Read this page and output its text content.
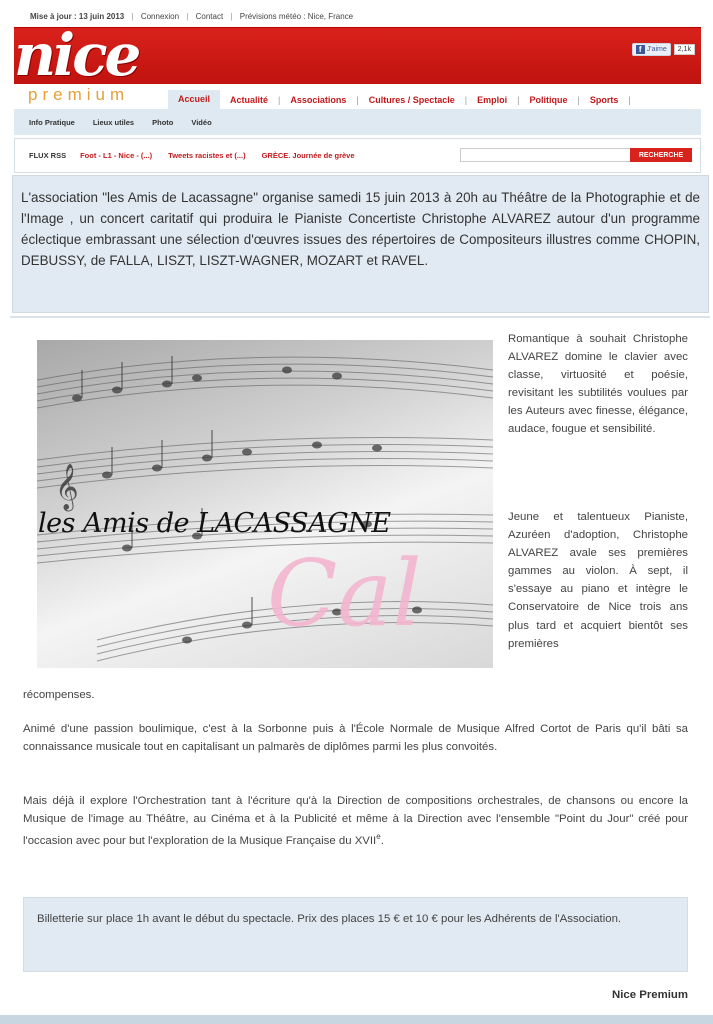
Mise à jour : 13 juin 2013 | Connexion | Contact | Prévisions météo : Nice, France
nice	f J'aime	2,1k
premium	Accueil	Actualité	|	Associations	|	Cultures / Spectacle	|	Emploi	|	Politique	|	Sports	|
Info Pratique Lieux utiles Photo Vidéo
FLUX RSS Foot - L1 - Nice - (...) Tweets racistes et (...) GRÈCE. Journée de grève	RECHERCHE
L'association "les Amis de Lacassagne" organise samedi 15 juin 2013 à 20h au Théâtre de la Photographie et de l'Image , un concert caritatif qui produira le Pianiste Concertiste Christophe ALVAREZ autour d'un programme éclectique embrassant une sélection d'œuvres issues des répertoires de Compositeurs illustres comme CHOPIN, DEBUSSY, de FALLA, LISZT, LISZT-WAGNER, MOZART et RAVEL.
𝄞
les Amis de LACASSAGNE
Cal

Romantique à souhait Christophe ALVAREZ domine le clavier avec classe, virtuosité et poésie, revisitant les subtilités voulues par les Auteurs avec finesse, élégance, audace, fougue et sensibilité.

Jeune et talentueux Pianiste, Azuréen d'adoption, Christophe ALVAREZ avale ses premières gammes au violon. À sept, il s'essaye au piano et intègre le Conservatoire de Nice trois ans plus tard et acquiert bientôt ses premières

récompenses.

Animé d'une passion boulimique, c'est à la Sorbonne puis à l'École Normale de Musique Alfred Cortot de Paris qu'il bâti sa connaissance musicale tout en capitalisant un palmarès de diplômes parmi les plus convoités.

Mais déjà il explore l'Orchestration tant à l'écriture qu'à la Direction de compositions orchestrales, de chansons ou encore la Musique de l'image au Théâtre, au Cinéma et à la Publicité et même à la Direction avec l'ensemble "Point du Jour" créé pour l'occasion avec pour but l'exploration de la Musique Française du XVIIe.

Billetterie sur place 1h avant le début du spectacle. Prix des places 15 € et 10 € pour les Adhérents de l'Association.
Nice Premium
